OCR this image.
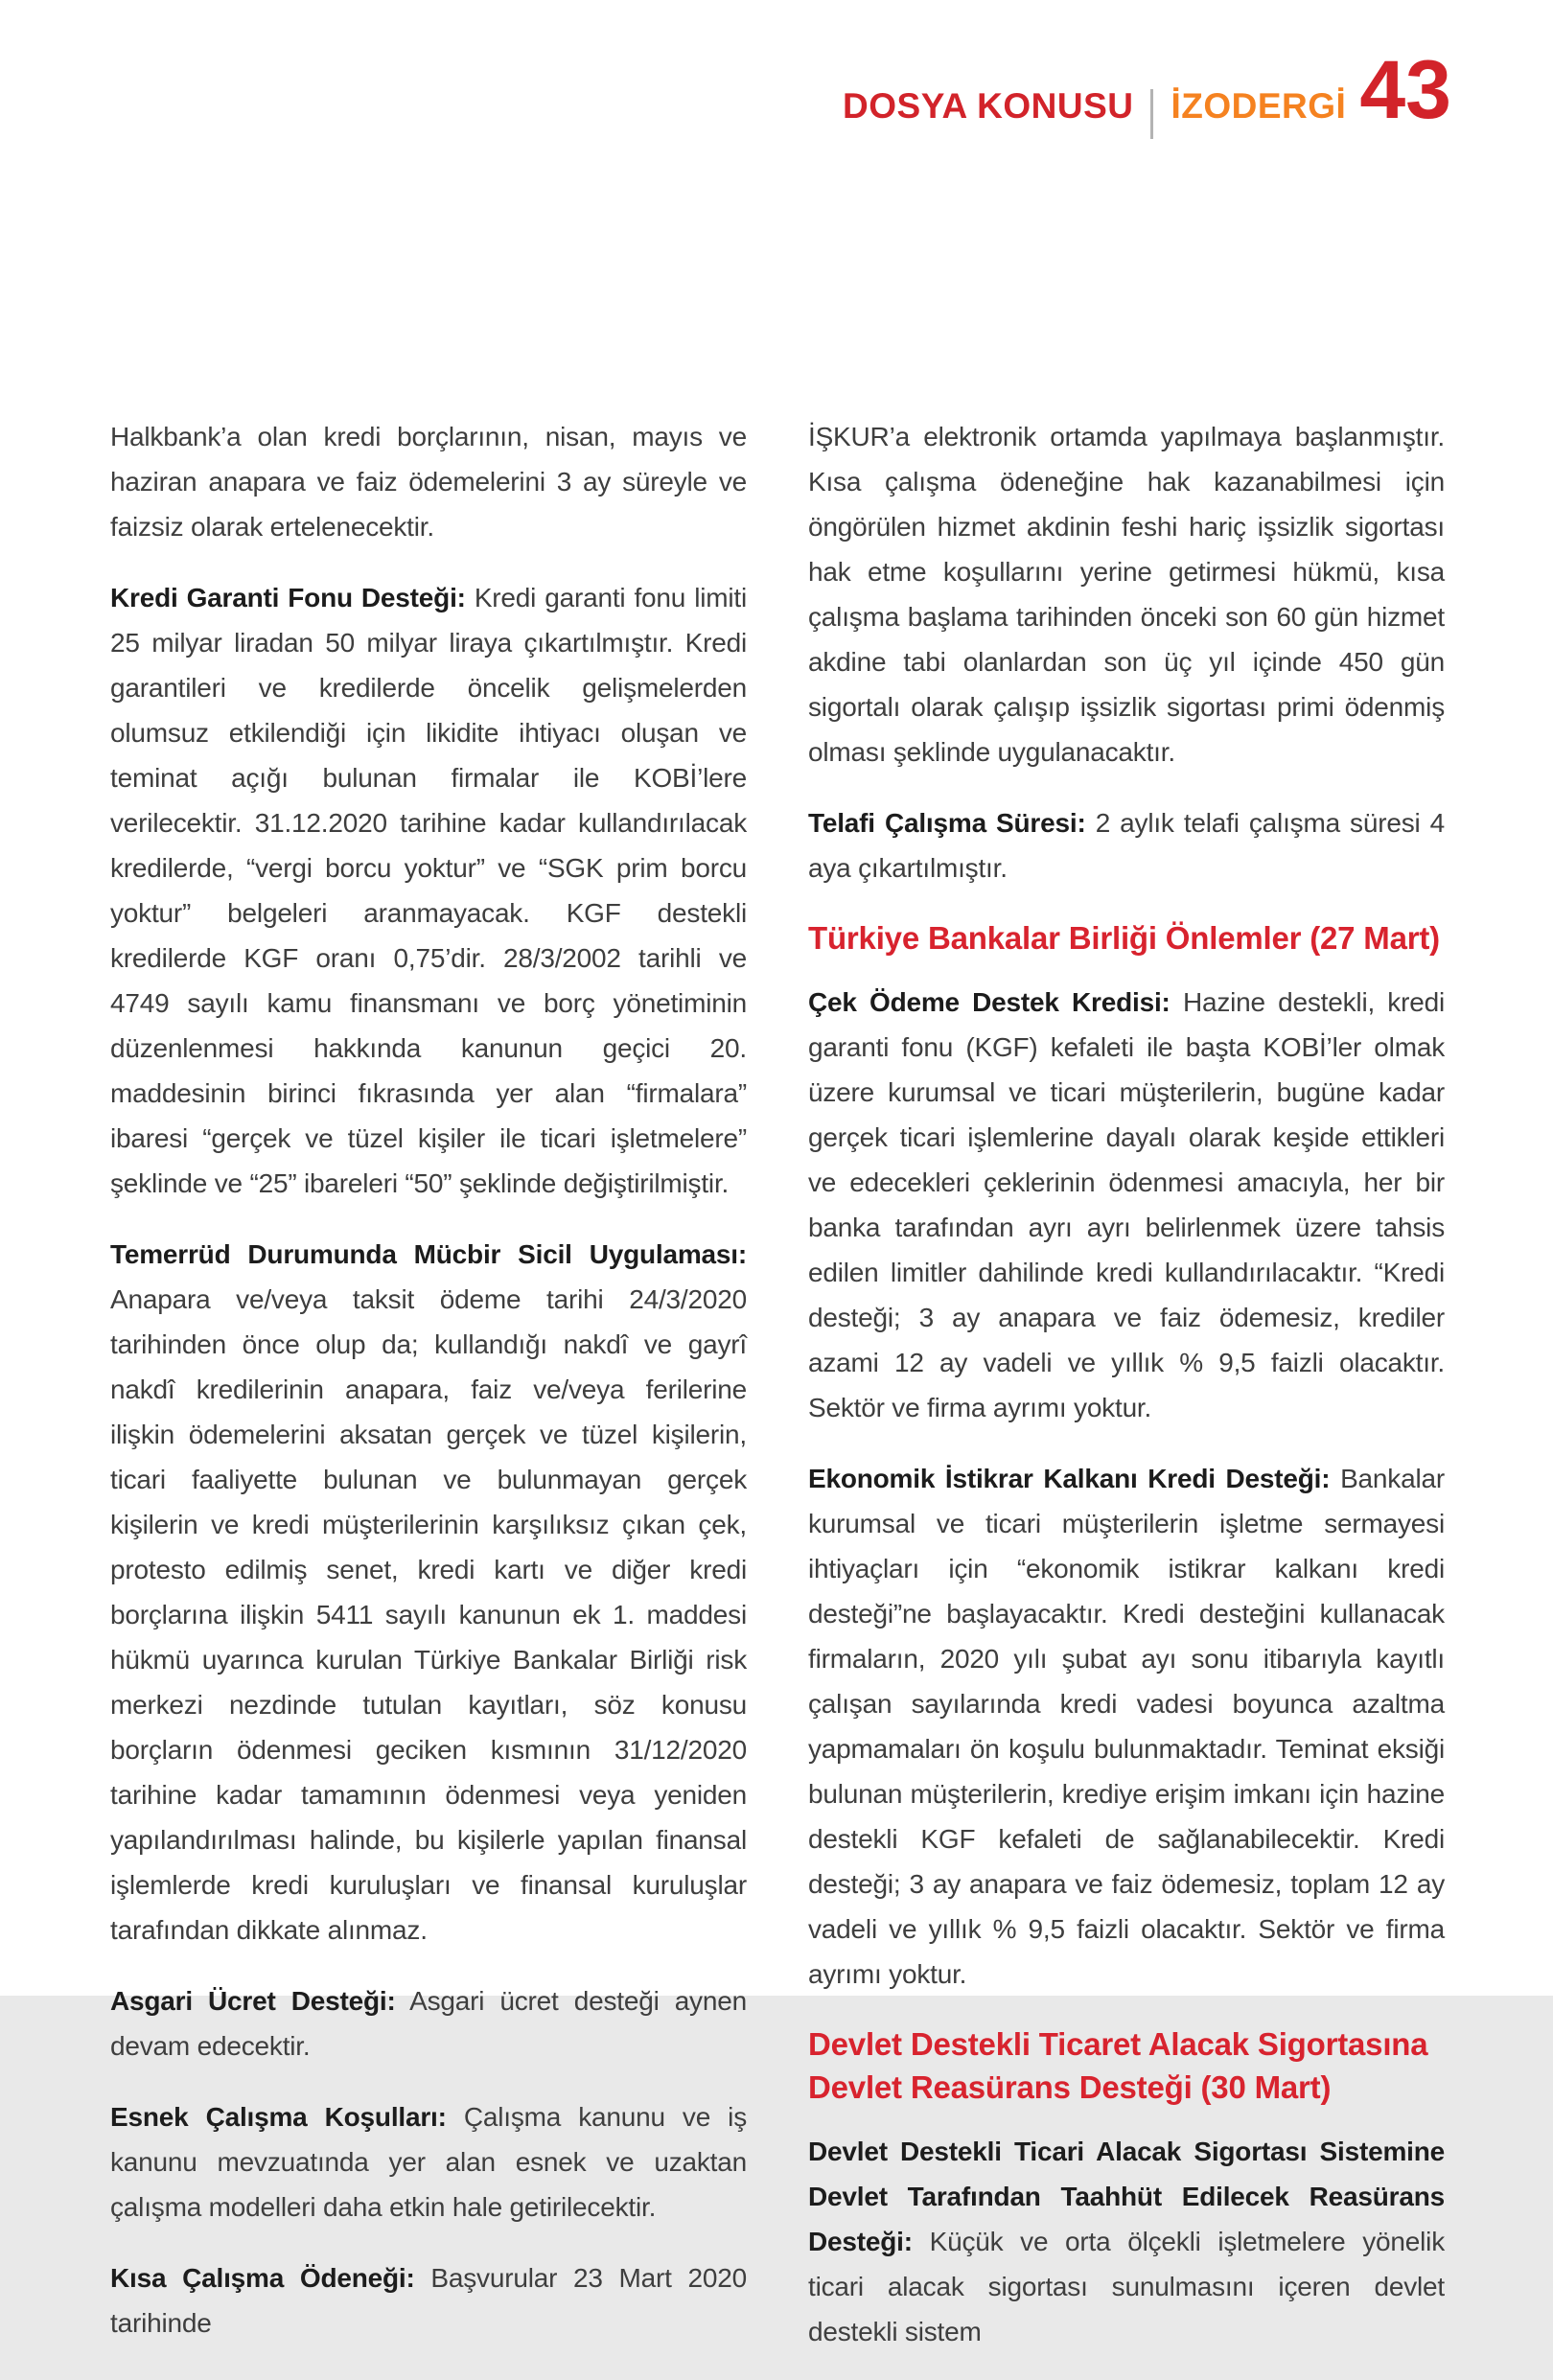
DOSYA KONUSU İZODERGİ 43

Halkbank’a olan kredi borçlarının, nisan, mayıs ve haziran anapara ve faiz ödemelerini 3 ay süreyle ve faizsiz olarak ertelenecektir.

Kredi Garanti Fonu Desteği: Kredi garanti fonu limiti 25 milyar liradan 50 milyar liraya çıkartılmıştır. Kredi garantileri ve kredilerde öncelik gelişmelerden olumsuz etkilendiği için likidite ihtiyacı oluşan ve teminat açığı bulunan firmalar ile KOBİ’lere verilecektir. 31.12.2020 tarihine kadar kullandırılacak kredilerde, “vergi borcu yoktur” ve “SGK prim borcu yoktur” belgeleri aranmayacak. KGF destekli kredilerde KGF oranı 0,75’dir. 28/3/2002 tarihli ve 4749 sayılı kamu finansmanı ve borç yönetiminin düzenlenmesi hakkında kanunun geçici 20. maddesinin birinci fıkrasında yer alan “firmalara” ibaresi “gerçek ve tüzel kişiler ile ticari işletmelere” şeklinde ve “25” ibareleri “50” şeklinde değiştirilmiştir.

Temerrüd Durumunda Mücbir Sicil Uygulaması: Anapara ve/veya taksit ödeme tarihi 24/3/2020 tarihinden önce olup da; kullandığı nakdî ve gayrî nakdî kredilerinin anapara, faiz ve/veya ferilerine ilişkin ödemelerini aksatan gerçek ve tüzel kişilerin, ticari faaliyette bulunan ve bulunmayan gerçek kişilerin ve kredi müşterilerinin karşılıksız çıkan çek, protesto edilmiş senet, kredi kartı ve diğer kredi borçlarına ilişkin 5411 sayılı kanunun ek 1. maddesi hükmü uyarınca kurulan Türkiye Bankalar Birliği risk merkezi nezdinde tutulan kayıtları, söz konusu borçların ödenmesi geciken kısmının 31/12/2020 tarihine kadar tamamının ödenmesi veya yeniden yapılandırılması halinde, bu kişilerle yapılan finansal işlemlerde kredi kuruluşları ve finansal kuruluşlar tarafından dikkate alınmaz.

Asgari Ücret Desteği: Asgari ücret desteği aynen devam edecektir.

Esnek Çalışma Koşulları: Çalışma kanunu ve iş kanunu mevzuatında yer alan esnek ve uzaktan çalışma modelleri daha etkin hale getirilecektir.

Kısa Çalışma Ödeneği: Başvurular 23 Mart 2020 tarihinde

İŞKUR’a elektronik ortamda yapılmaya başlanmıştır. Kısa çalışma ödeneğine hak kazanabilmesi için öngörülen hizmet akdinin feshi hariç işsizlik sigortası hak etme koşullarını yerine getirmesi hükmü, kısa çalışma başlama tarihinden önceki son 60 gün hizmet akdine tabi olanlardan son üç yıl içinde 450 gün sigortalı olarak çalışıp işsizlik sigortası primi ödenmiş olması şeklinde uygulanacaktır.

Telafi Çalışma Süresi: 2 aylık telafi çalışma süresi 4 aya çıkartılmıştır.

Türkiye Bankalar Birliği Önlemler (27 Mart)

Çek Ödeme Destek Kredisi: Hazine destekli, kredi garanti fonu (KGF) kefaleti ile başta KOBİ’ler olmak üzere kurumsal ve ticari müşterilerin, bugüne kadar gerçek ticari işlemlerine dayalı olarak keşide ettikleri ve edecekleri çeklerinin ödenmesi amacıyla, her bir banka tarafından ayrı ayrı belirlenmek üzere tahsis edilen limitler dahilinde kredi kullandırılacaktır. “Kredi desteği; 3 ay anapara ve faiz ödemesiz, krediler azami 12 ay vadeli ve yıllık % 9,5 faizli olacaktır. Sektör ve firma ayrımı yoktur.

Ekonomik İstikrar Kalkanı Kredi Desteği: Bankalar kurumsal ve ticari müşterilerin işletme sermayesi ihtiyaçları için “ekonomik istikrar kalkanı kredi desteği”ne başlayacaktır. Kredi desteğini kullanacak firmaların, 2020 yılı şubat ayı sonu itibarıyla kayıtlı çalışan sayılarında kredi vadesi boyunca azaltma yapmamaları ön koşulu bulunmaktadır. Teminat eksiği bulunan müşterilerin, krediye erişim imkanı için hazine destekli KGF kefaleti de sağlanabilecektir. Kredi desteği; 3 ay anapara ve faiz ödemesiz, toplam 12 ay vadeli ve yıllık % 9,5 faizli olacaktır. Sektör ve firma ayrımı yoktur.

Devlet Destekli Ticaret Alacak Sigortasına Devlet Reasürans Desteği (30 Mart)

Devlet Destekli Ticari Alacak Sigortası Sistemine Devlet Tarafından Taahhüt Edilecek Reasürans Desteği: Küçük ve orta ölçekli işletmelere yönelik ticari alacak sigortası sunulmasını içeren devlet destekli sistem
